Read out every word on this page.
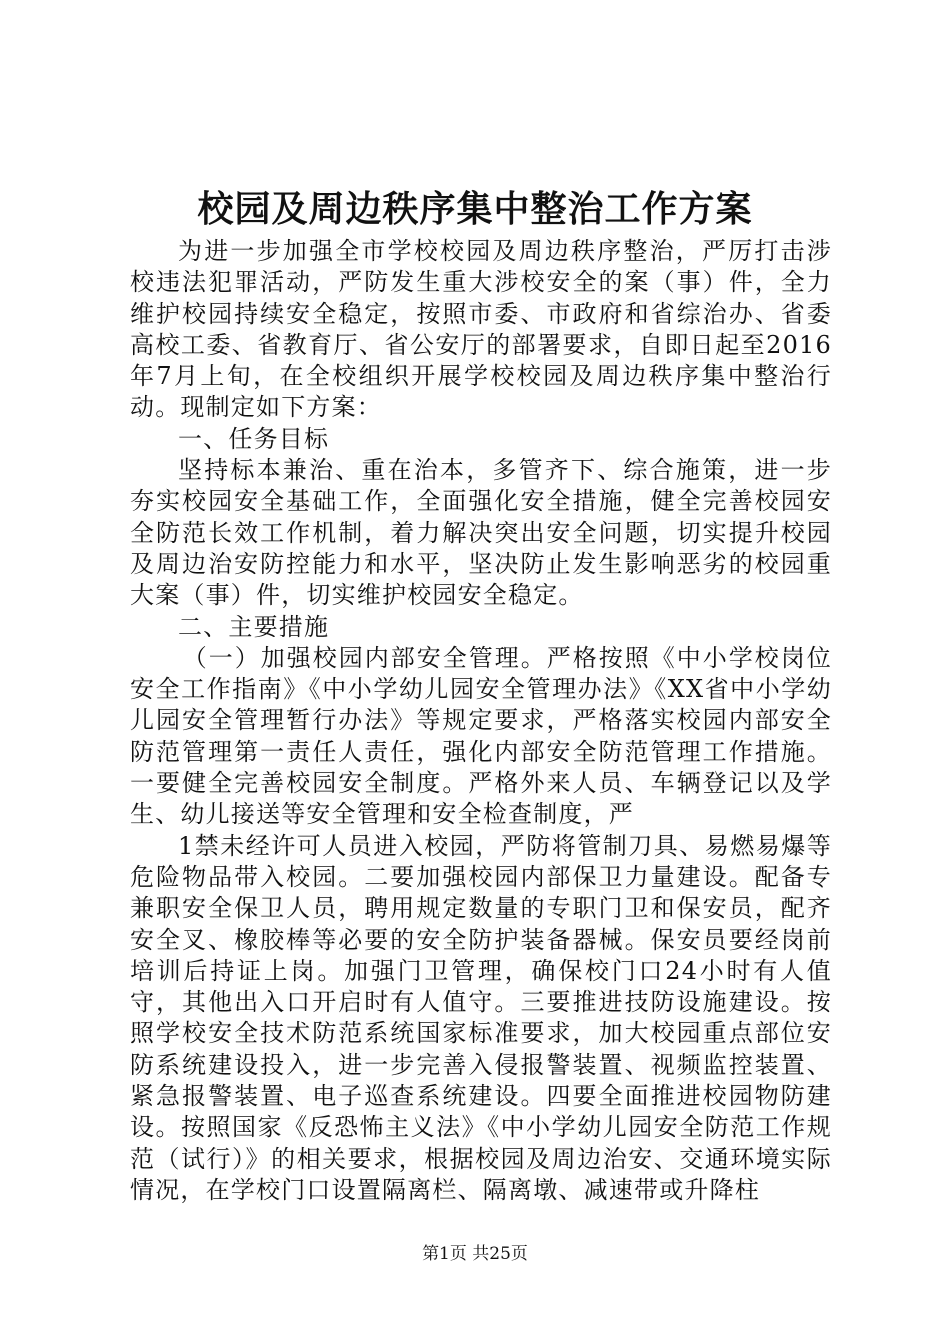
校园及周边秩序集中整治工作方案

为进一步加强全市学校校园及周边秩序整治，严厉打击涉校违法犯罪活动，严防发生重大涉校安全的案（事）件，全力维护校园持续安全稳定，按照市委、市政府和省综治办、省委高校工委、省教育厅、省公安厅的部署要求，自即日起至2016年7月上旬，在全校组织开展学校校园及周边秩序集中整治行动。现制定如下方案：

一、任务目标

坚持标本兼治、重在治本，多管齐下、综合施策，进一步夯实校园安全基础工作，全面强化安全措施，健全完善校园安全防范长效工作机制，着力解决突出安全问题，切实提升校园及周边治安防控能力和水平，坚决防止发生影响恶劣的校园重大案（事）件，切实维护校园安全稳定。

二、主要措施

（一）加强校园内部安全管理。严格按照《中小学校岗位安全工作指南》《中小学幼儿园安全管理办法》《XX省中小学幼儿园安全管理暂行办法》等规定要求，严格落实校园内部安全防范管理第一责任人责任，强化内部安全防范管理工作措施。一要健全完善校园安全制度。严格外来人员、车辆登记以及学生、幼儿接送等安全管理和安全检查制度，严

1禁未经许可人员进入校园，严防将管制刀具、易燃易爆等危险物品带入校园。二要加强校园内部保卫力量建设。配备专兼职安全保卫人员，聘用规定数量的专职门卫和保安员，配齐安全叉、橡胶棒等必要的安全防护装备器械。保安员要经岗前培训后持证上岗。加强门卫管理，确保校门口24小时有人值守，其他出入口开启时有人值守。三要推进技防设施建设。按照学校安全技术防范系统国家标准要求，加大校园重点部位安防系统建设投入，进一步完善入侵报警装置、视频监控装置、紧急报警装置、电子巡查系统建设。四要全面推进校园物防建设。按照国家《反恐怖主义法》《中小学幼儿园安全防范工作规范（试行）》的相关要求，根据校园及周边治安、交通环境实际情况，在学校门口设置隔离栏、隔离墩、减速带或升降柱

第1页 共25页
